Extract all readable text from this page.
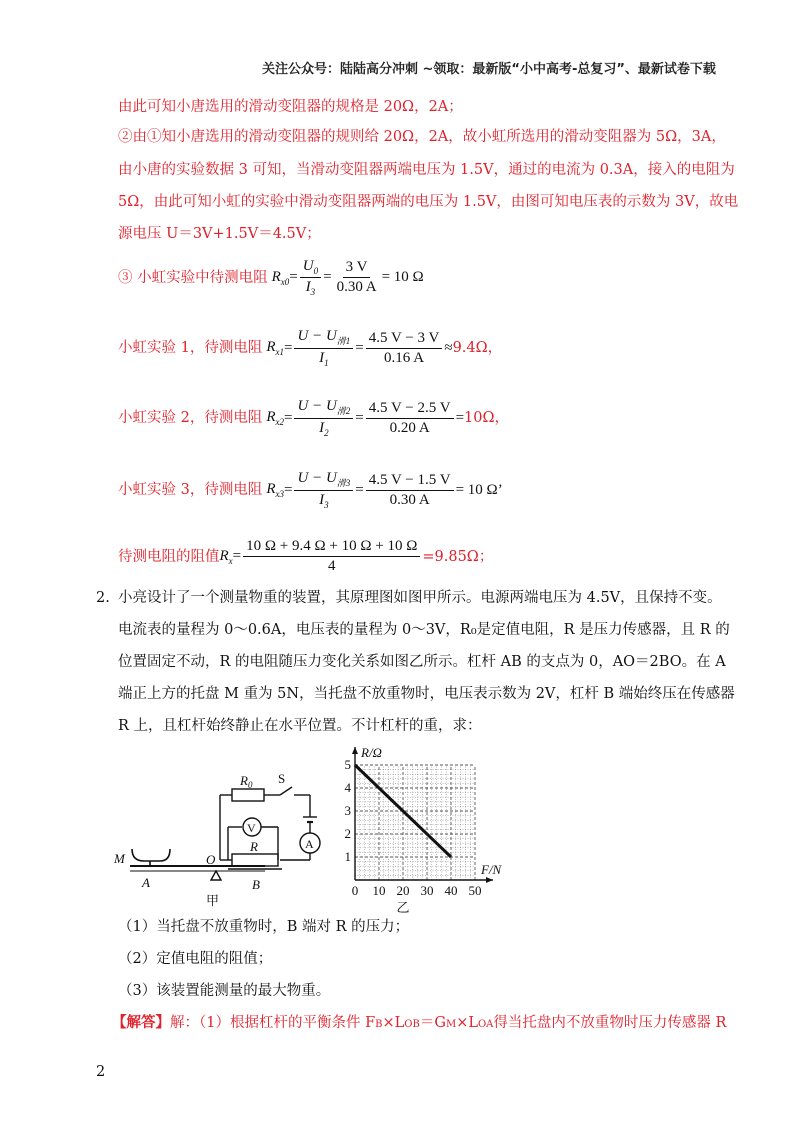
关注公众号：陆陆高分冲刺 ~领取：最新版“小中高考-总复习”、最新试卷下载
由此可知小唐选用的滑动变阻器的规格是 20Ω，2A；
②由①知小唐选用的滑动变阻器的规则给 20Ω，2A，故小虹所选用的滑动变阻器为 5Ω，3A，
由小唐的实验数据 3 可知，当滑动变阻器两端电压为 1.5V，通过的电流为 0.3A，接入的电阻为
5Ω，由此可知小虹的实验中滑动变阻器两端的电压为 1.5V，由图可知电压表的示数为 3V，故电
源电压 U＝3V+1.5V＝4.5V；
③ 小虹实验中待测电阻 $R_{x0} = \frac{U_0}{I_3} = \frac{3 V}{0.30 A} = 10$ Ω
小虹实验 1，待测电阻 $R_{x1} = \frac{U - U_{滑1}}{I_1} = \frac{4.5 V - 3 V}{0.16 A} \approx 9.4\Omega$，
小虹实验 2，待测电阻 $R_{x2} = \frac{U - U_{滑2}}{I_2} = \frac{4.5 V - 2.5 V}{0.20 A} = 10\Omega$，
小虹实验 3，待测电阻 $R_{x3} = \frac{U - U_{滑3}}{I_3} = \frac{4.5 V - 1.5 V}{0.30 A} = 10$ Ω ’
待测电阻的阻值 $R_x = \frac{10 \Omega + 9.4 \Omega + 10 \Omega + 10 \Omega}{4} = 9.85\Omega$；
2. 小亮设计了一个测量物重的装置，其原理图如图甲所示。电源两端电压为 4.5V，且保持不变。
电流表的量程为 0～0.6A，电压表的量程为 0～3V，R₀是定值电阻，R 是压力传感器，且 R 的
位置固定不动，R 的电阻随压力变化关系如图乙所示。杠杆 AB 的支点为 0，AO＝2BO。在 A
端正上方的托盘 M 重为 5N，当托盘不放重物时，电压表示数为 2V，杠杆 B 端始终压在传感器
R 上，且杠杆始终静止在水平位置。不计杠杆的重，求：
$R_0$ S
V
A
R
M	O
A	B
甲
0 10 20 30 40 50
1
2
3
4
5
F/N
R/Ω
乙
（1）当托盘不放重物时，B 端对 R 的压力；
（2）定值电阻的阻值；
（3）该装置能测量的最大物重。
【解答】解：（1）根据杠杆的平衡条件 FB×LOB＝GM×LOA得当托盘内不放重物时压力传感器 R
2
